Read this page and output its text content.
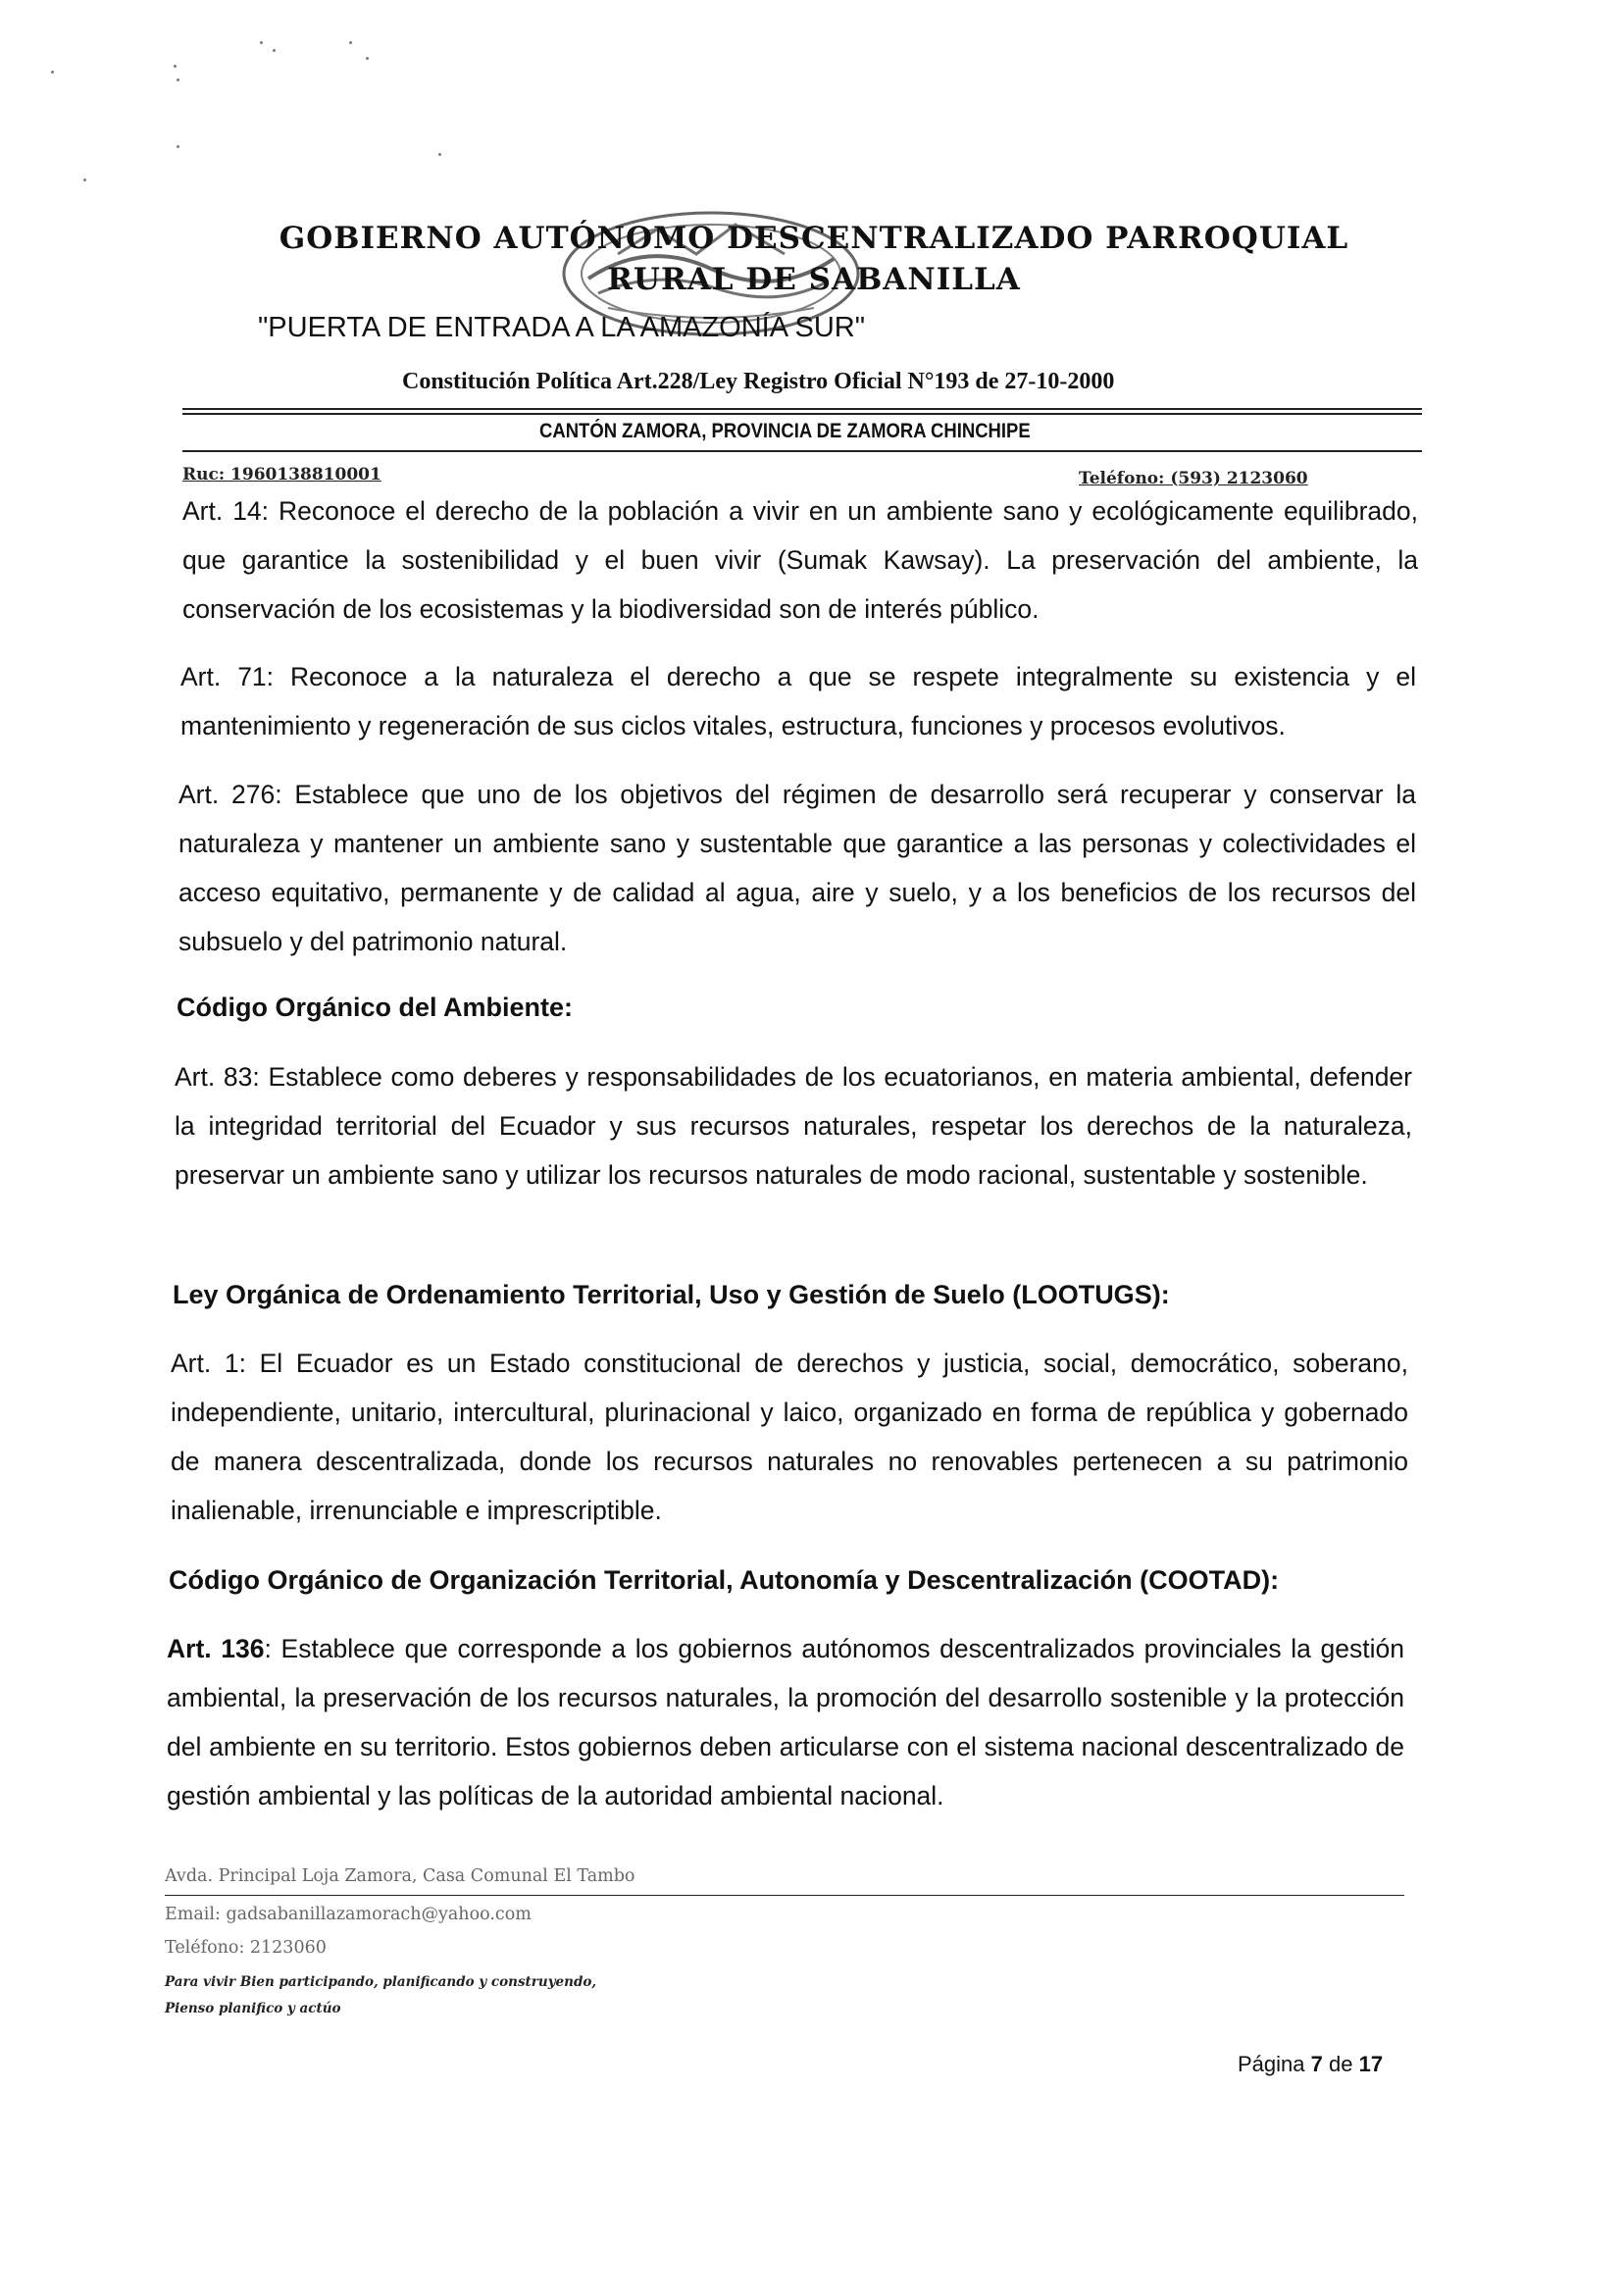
GOBIERNO AUTÓNOMO DESCENTRALIZADO PARROQUIAL
RURAL DE SABANILLA
"PUERTA DE ENTRADA A LA AMAZONÍA SUR"
Constitución Política Art.228/Ley Registro Oficial N°193 de 27-10-2000
CANTÓN ZAMORA, PROVINCIA DE ZAMORA CHINCHIPE
Ruc: 1960138810001	Teléfono: (593) 2123060

Art. 14: Reconoce el derecho de la población a vivir en un ambiente sano y ecológicamente equilibrado, que garantice la sostenibilidad y el buen vivir (Sumak Kawsay). La preservación del ambiente, la conservación de los ecosistemas y la biodiversidad son de interés público.

Art. 71: Reconoce a la naturaleza el derecho a que se respete integralmente su existencia y el mantenimiento y regeneración de sus ciclos vitales, estructura, funciones y procesos evolutivos.

Art. 276: Establece que uno de los objetivos del régimen de desarrollo será recuperar y conservar la naturaleza y mantener un ambiente sano y sustentable que garantice a las personas y colectividades el acceso equitativo, permanente y de calidad al agua, aire y suelo, y a los beneficios de los recursos del subsuelo y del patrimonio natural.

Código Orgánico del Ambiente:

Art. 83: Establece como deberes y responsabilidades de los ecuatorianos, en materia ambiental, defender la integridad territorial del Ecuador y sus recursos naturales, respetar los derechos de la naturaleza, preservar un ambiente sano y utilizar los recursos naturales de modo racional, sustentable y sostenible.

Ley Orgánica de Ordenamiento Territorial, Uso y Gestión de Suelo (LOOTUGS):

Art. 1: El Ecuador es un Estado constitucional de derechos y justicia, social, democrático, soberano, independiente, unitario, intercultural, plurinacional y laico, organizado en forma de república y gobernado de manera descentralizada, donde los recursos naturales no renovables pertenecen a su patrimonio inalienable, irrenunciable e imprescriptible.

Código Orgánico de Organización Territorial, Autonomía y Descentralización (COOTAD):

Art. 136: Establece que corresponde a los gobiernos autónomos descentralizados provinciales la gestión ambiental, la preservación de los recursos naturales, la promoción del desarrollo sostenible y la protección del ambiente en su territorio. Estos gobiernos deben articularse con el sistema nacional descentralizado de gestión ambiental y las políticas de la autoridad ambiental nacional.

Avda. Principal Loja Zamora, Casa Comunal El Tambo
Email: gadsabanillazamorach@yahoo.com
Teléfono: 2123060
Para vivir Bien participando, planificando y construyendo,
Pienso planifico y actúo
Página 7 de 17
